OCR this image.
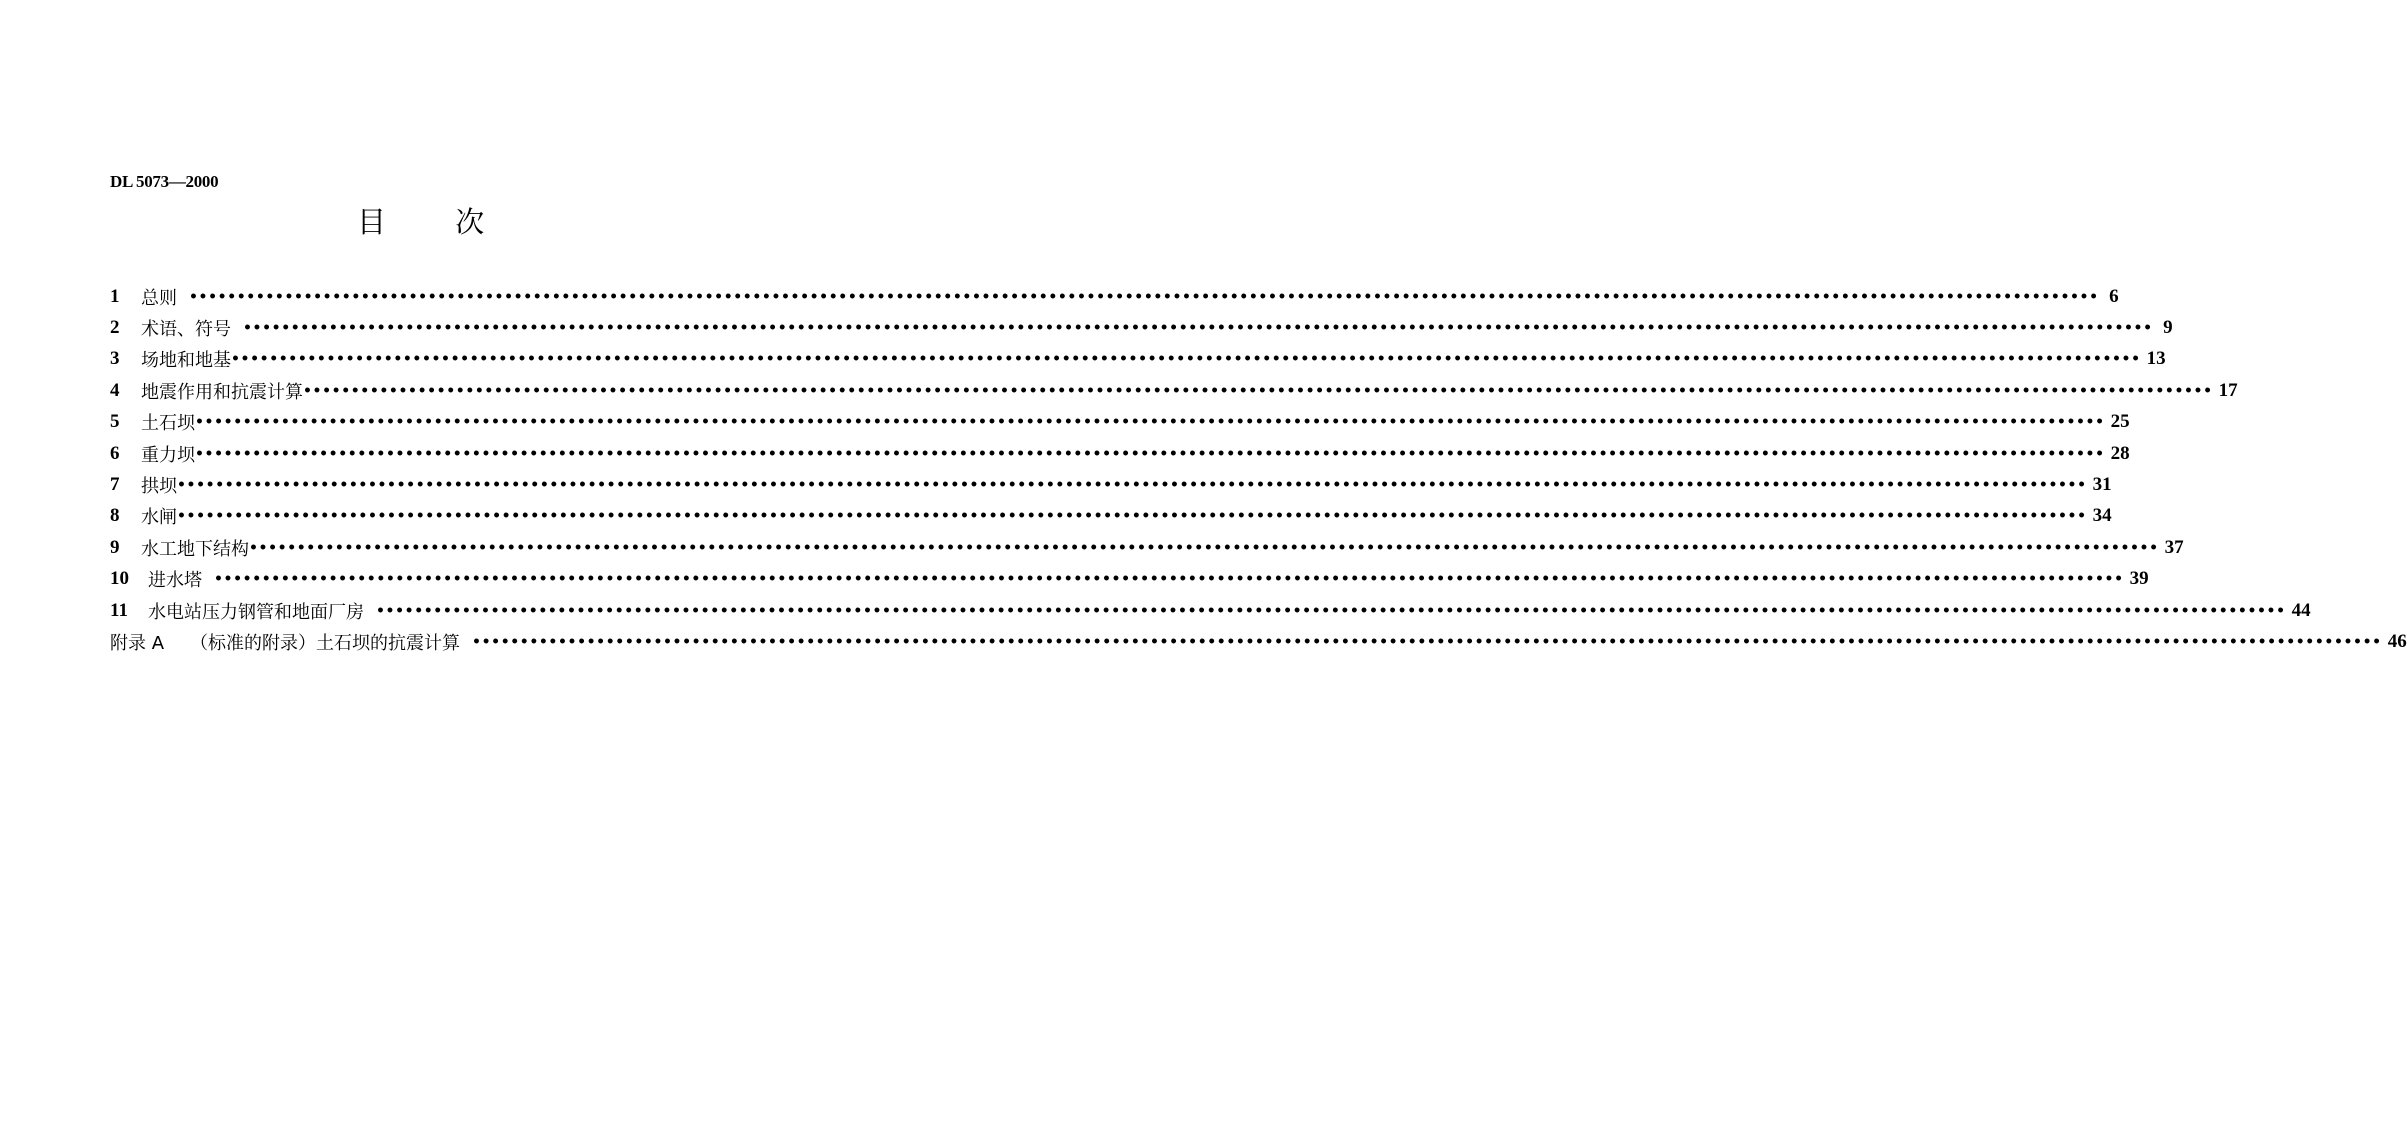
DL 5073—2000
目 次
1	总则 •••••••••••••••••••••••••••••••••••••••••••••••••••••••••••••••••••••••••••••••••••••••••••••••••••••••••••••••••••••••••••••••••••••••••••••••••••••••••••••••••••••••••••••••••••••••••••••••••••••••• 6
2	术语、符号 •••••••••••••••••••••••••••••••••••••••••••••••••••••••••••••••••••••••••••••••••••••••••••••••••••••••••••••••••••••••••••••••••••••••••••••••••••••••••••••••••••••••••••••••••••••••••••••••••••••••• 9
3	场地和地基 •••••••••••••••••••••••••••••••••••••••••••••••••••••••••••••••••••••••••••••••••••••••••••••••••••••••••••••••••••••••••••••••••••••••••••••••••••••••••••••••••••••••••••••••••••••••••••••••••••••••• 13
4	地震作用和抗震计算 •••••••••••••••••••••••••••••••••••••••••••••••••••••••••••••••••••••••••••••••••••••••••••••••••••••••••••••••••••••••••••••••••••••••••••••••••••••••••••••••••••••••••••••••••••••••••••••••••••••••• 17
5	土石坝 •••••••••••••••••••••••••••••••••••••••••••••••••••••••••••••••••••••••••••••••••••••••••••••••••••••••••••••••••••••••••••••••••••••••••••••••••••••••••••••••••••••••••••••••••••••••••••••••••••••••• 25
6	重力坝 •••••••••••••••••••••••••••••••••••••••••••••••••••••••••••••••••••••••••••••••••••••••••••••••••••••••••••••••••••••••••••••••••••••••••••••••••••••••••••••••••••••••••••••••••••••••••••••••••••••••• 28
7	拱坝 •••••••••••••••••••••••••••••••••••••••••••••••••••••••••••••••••••••••••••••••••••••••••••••••••••••••••••••••••••••••••••••••••••••••••••••••••••••••••••••••••••••••••••••••••••••••••••••••••••••••• 31
8	水闸 •••••••••••••••••••••••••••••••••••••••••••••••••••••••••••••••••••••••••••••••••••••••••••••••••••••••••••••••••••••••••••••••••••••••••••••••••••••••••••••••••••••••••••••••••••••••••••••••••••••••• 34
9	水工地下结构 •••••••••••••••••••••••••••••••••••••••••••••••••••••••••••••••••••••••••••••••••••••••••••••••••••••••••••••••••••••••••••••••••••••••••••••••••••••••••••••••••••••••••••••••••••••••••••••••••••••••• 37
10	进水塔 •••••••••••••••••••••••••••••••••••••••••••••••••••••••••••••••••••••••••••••••••••••••••••••••••••••••••••••••••••••••••••••••••••••••••••••••••••••••••••••••••••••••••••••••••••••••••••••••••••••••• 39
11	水电站压力钢管和地面厂房 •••••••••••••••••••••••••••••••••••••••••••••••••••••••••••••••••••••••••••••••••••••••••••••••••••••••••••••••••••••••••••••••••••••••••••••••••••••••••••••••••••••••••••••••••••••••••••••••••••••••• 44
附录 A （标准的附录）土石坝的抗震计算 •••••••••••••••••••••••••••••••••••••••••••••••••••••••••••••••••••••••••••••••••••••••••••••••••••••••••••••••••••••••••••••••••••••••••••••••••••••••••••••••••••••••••••••••••••••••••••••••••••••••• 46
